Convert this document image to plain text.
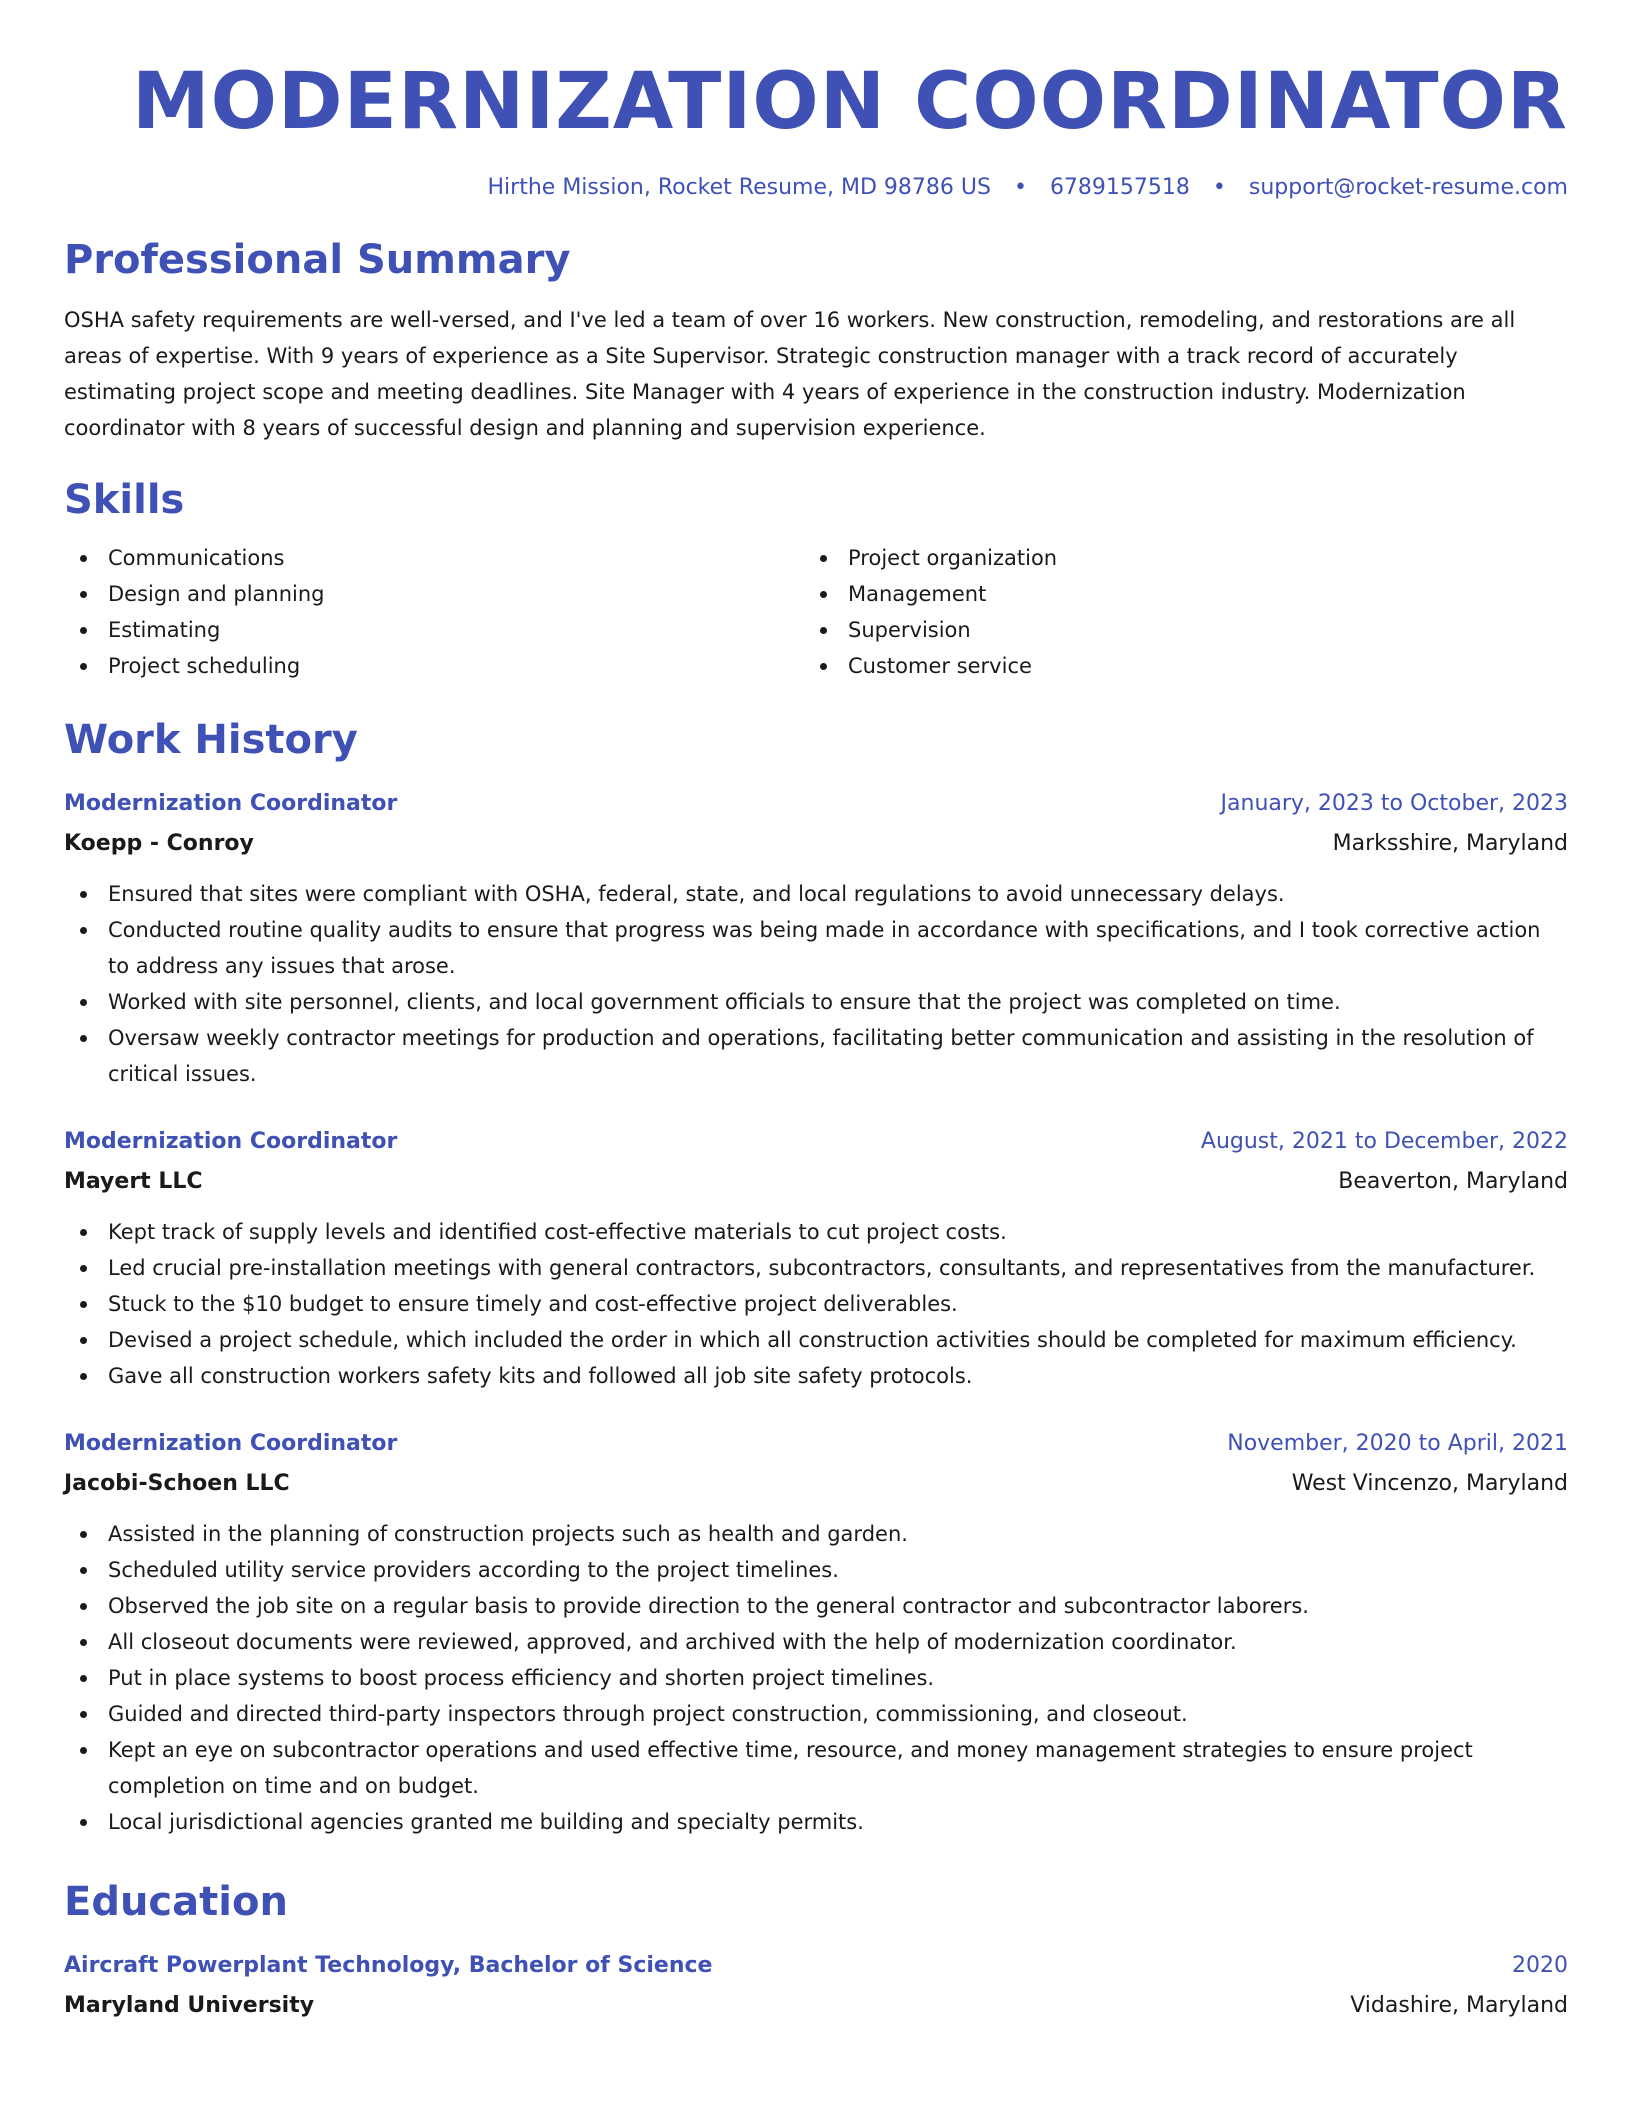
MODERNIZATION COORDINATOR
Hirthe Mission, Rocket Resume, MD 98786 US • 6789157518 • support@rocket-resume.com
Professional Summary
OSHA safety requirements are well-versed, and I've led a team of over 16 workers. New construction, remodeling, and restorations are all areas of expertise. With 9 years of experience as a Site Supervisor. Strategic construction manager with a track record of accurately estimating project scope and meeting deadlines. Site Manager with 4 years of experience in the construction industry. Modernization coordinator with 8 years of successful design and planning and supervision experience.
Skills
Communications
Design and planning
Estimating
Project scheduling
Project organization
Management
Supervision
Customer service
Work History
Modernization Coordinator	January, 2023 to October, 2023
Koepp - Conroy	Marksshire, Maryland
Ensured that sites were compliant with OSHA, federal, state, and local regulations to avoid unnecessary delays.
Conducted routine quality audits to ensure that progress was being made in accordance with specifications, and I took corrective action to address any issues that arose.
Worked with site personnel, clients, and local government officials to ensure that the project was completed on time.
Oversaw weekly contractor meetings for production and operations, facilitating better communication and assisting in the resolution of critical issues.
Modernization Coordinator	August, 2021 to December, 2022
Mayert LLC	Beaverton, Maryland
Kept track of supply levels and identified cost-effective materials to cut project costs.
Led crucial pre-installation meetings with general contractors, subcontractors, consultants, and representatives from the manufacturer.
Stuck to the $10 budget to ensure timely and cost-effective project deliverables.
Devised a project schedule, which included the order in which all construction activities should be completed for maximum efficiency.
Gave all construction workers safety kits and followed all job site safety protocols.
Modernization Coordinator	November, 2020 to April, 2021
Jacobi-Schoen LLC	West Vincenzo, Maryland
Assisted in the planning of construction projects such as health and garden.
Scheduled utility service providers according to the project timelines.
Observed the job site on a regular basis to provide direction to the general contractor and subcontractor laborers.
All closeout documents were reviewed, approved, and archived with the help of modernization coordinator.
Put in place systems to boost process efficiency and shorten project timelines.
Guided and directed third-party inspectors through project construction, commissioning, and closeout.
Kept an eye on subcontractor operations and used effective time, resource, and money management strategies to ensure project completion on time and on budget.
Local jurisdictional agencies granted me building and specialty permits.
Education
Aircraft Powerplant Technology, Bachelor of Science	2020
Maryland University	Vidashire, Maryland
